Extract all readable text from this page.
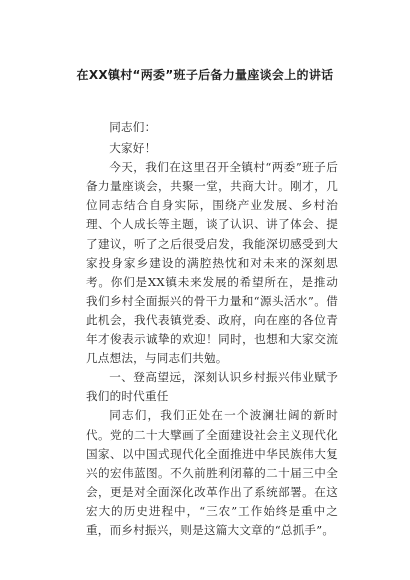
在XX镇村“两委”班子后备力量座谈会上的讲话

同志们：

大家好！

今天，我们在这里召开全镇村“两委”班子后备力量座谈会，共聚一堂，共商大计。刚才，几位同志结合自身实际，围绕产业发展、乡村治理、个人成长等主题，谈了认识、讲了体会、提了建议，听了之后很受启发，我能深切感受到大家投身家乡建设的满腔热忱和对未来的深刻思考。你们是XX镇未来发展的希望所在，是推动我们乡村全面振兴的骨干力量和“源头活水”。借此机会，我代表镇党委、政府，向在座的各位青年才俊表示诚挚的欢迎！同时，也想和大家交流几点想法，与同志们共勉。

一、登高望远，深刻认识乡村振兴伟业赋予我们的时代重任

同志们，我们正处在一个波澜壮阔的新时代。党的二十大擘画了全面建设社会主义现代化国家、以中国式现代化全面推进中华民族伟大复兴的宏伟蓝图。不久前胜利闭幕的二十届三中全会，更是对全面深化改革作出了系统部署。在这宏大的历史进程中，“三农”工作始终是重中之重，而乡村振兴，则是这篇大文章的“总抓手”。
